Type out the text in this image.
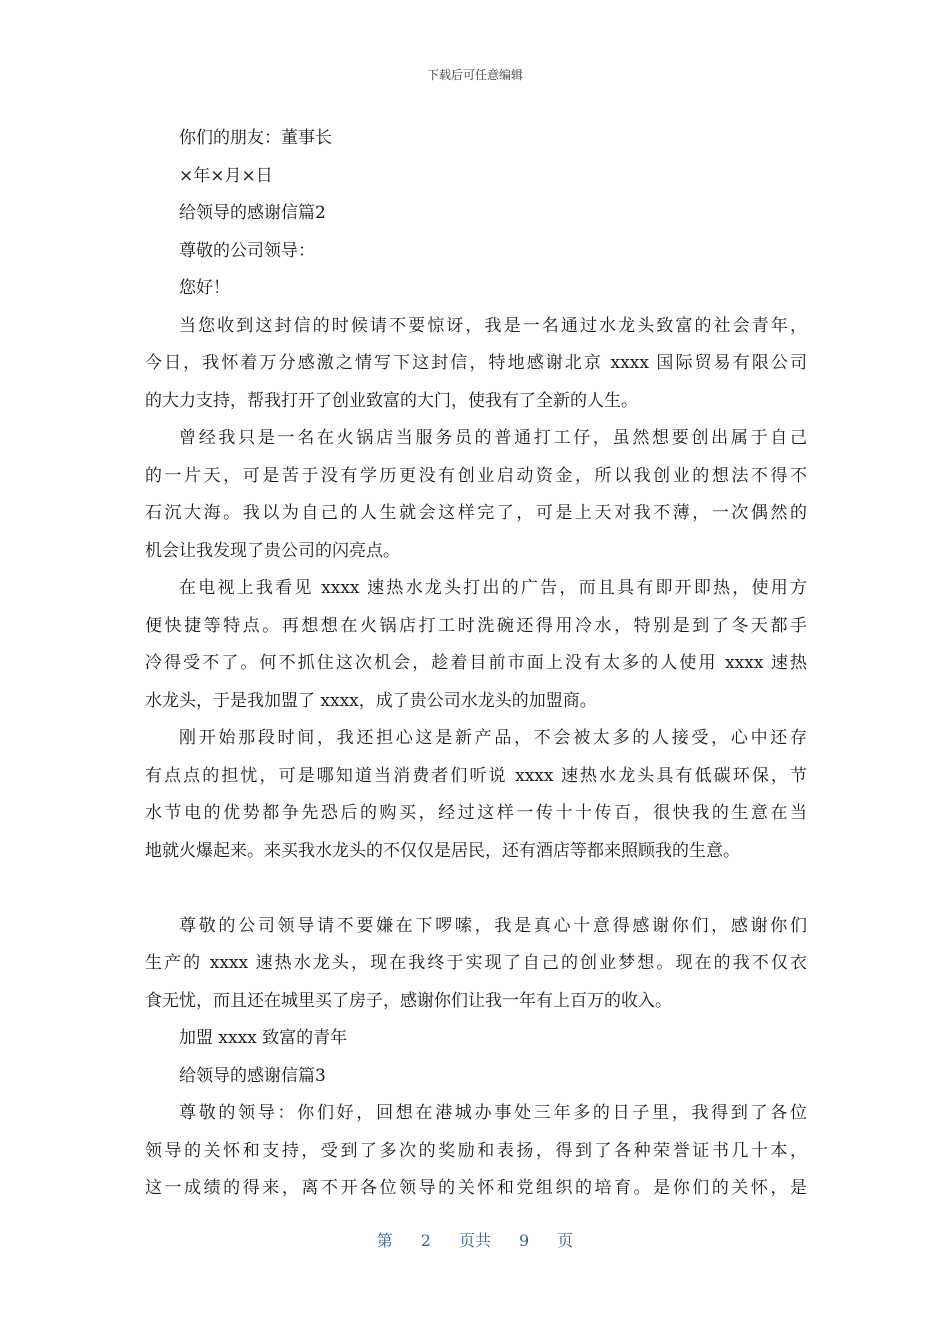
下载后可任意编辑
你们的朋友：董事长
×年×月×日
给领导的感谢信篇2
尊敬的公司领导：
您好！
当您收到这封信的时候请不要惊讶，我是一名通过水龙头致富的社会青年，
今日，我怀着万分感激之情写下这封信，特地感谢北京 xxxx 国际贸易有限公司
的大力支持，帮我打开了创业致富的大门，使我有了全新的人生。
曾经我只是一名在火锅店当服务员的普通打工仔，虽然想要创出属于自己
的一片天，可是苦于没有学历更没有创业启动资金，所以我创业的想法不得不
石沉大海。我以为自己的人生就会这样完了，可是上天对我不薄，一次偶然的
机会让我发现了贵公司的闪亮点。
在电视上我看见 xxxx 速热水龙头打出的广告，而且具有即开即热，使用方
便快捷等特点。再想想在火锅店打工时洗碗还得用冷水，特别是到了冬天都手
冷得受不了。何不抓住这次机会，趁着目前市面上没有太多的人使用 xxxx 速热
水龙头，于是我加盟了 xxxx，成了贵公司水龙头的加盟商。
刚开始那段时间，我还担心这是新产品，不会被太多的人接受，心中还存
有点点的担忧，可是哪知道当消费者们听说 xxxx 速热水龙头具有低碳环保，节
水节电的优势都争先恐后的购买，经过这样一传十十传百，很快我的生意在当
地就火爆起来。来买我水龙头的不仅仅是居民，还有酒店等都来照顾我的生意。
尊敬的公司领导请不要嫌在下啰嗦，我是真心十意得感谢你们，感谢你们
生产的 xxxx 速热水龙头，现在我终于实现了自己的创业梦想。现在的我不仅衣
食无忧，而且还在城里买了房子，感谢你们让我一年有上百万的收入。
加盟 xxxx 致富的青年
给领导的感谢信篇3
尊敬的领导：你们好，回想在港城办事处三年多的日子里，我得到了各位
领导的关怀和支持，受到了多次的奖励和表扬，得到了各种荣誉证书几十本，
这一成绩的得来，离不开各位领导的关怀和党组织的培育。是你们的关怀，是
第 2 页共 9 页
